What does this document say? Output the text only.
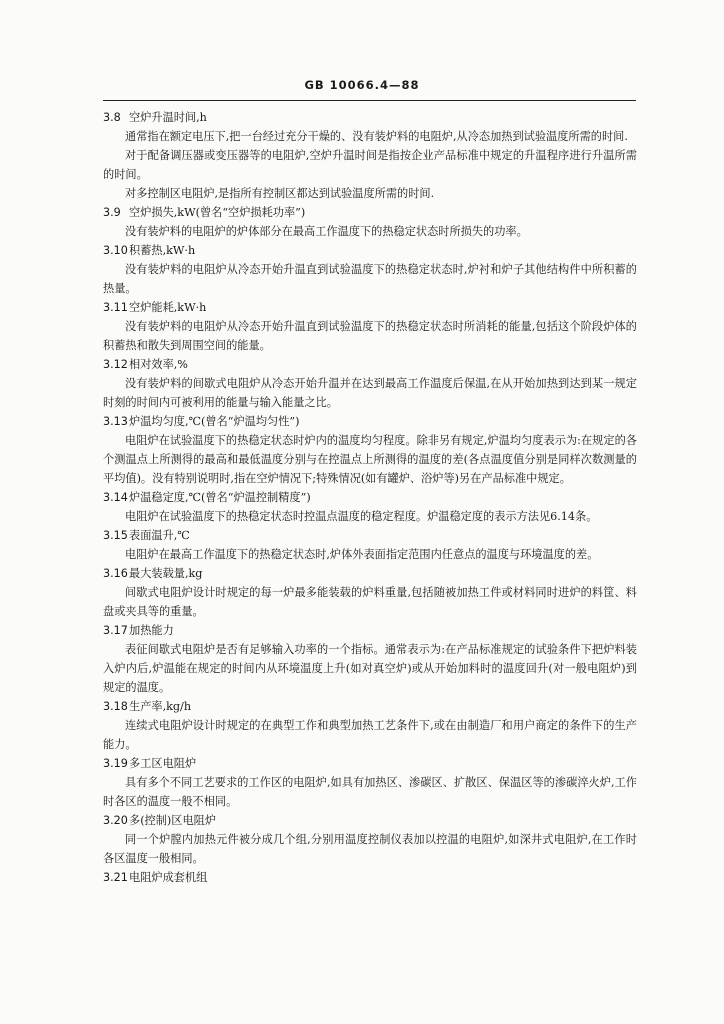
GB 10066.4—88

3.8 空炉升温时间,h

通常指在额定电压下,把一台经过充分干燥的、没有装炉料的电阻炉,从冷态加热到试验温度所需的时间.

对于配备调压器或变压器等的电阻炉,空炉升温时间是指按企业产品标准中规定的升温程序进行升温所需的时间。

对多控制区电阻炉,是指所有控制区都达到试验温度所需的时间.

3.9 空炉损失,kW(曾名“空炉损耗功率”)

没有装炉料的电阻炉的炉体部分在最高工作温度下的热稳定状态时所损失的功率。

3.10积蓄热,kW·h

没有装炉料的电阻炉从冷态开始升温直到试验温度下的热稳定状态时,炉衬和炉子其他结构件中所积蓄的热量。

3.11空炉能耗,kW·h

没有装炉料的电阻炉从冷态开始升温直到试验温度下的热稳定状态时所消耗的能量,包括这个阶段炉体的积蓄热和散失到周围空间的能量。

3.12相对效率,%

没有装炉料的间歇式电阻炉从冷态开始升温并在达到最高工作温度后保温,在从开始加热到达到某一规定时刻的时间内可被利用的能量与输入能量之比。

3.13炉温均匀度,℃(曾名“炉温均匀性”)

电阻炉在试验温度下的热稳定状态时炉内的温度均匀程度。除非另有规定,炉温均匀度表示为:在规定的各个测温点上所测得的最高和最低温度分别与在控温点上所测得的温度的差(各点温度值分别是同样次数测量的平均值)。没有特别说明时,指在空炉情况下;特殊情况(如有罐炉、浴炉等)另在产品标准中规定。

3.14炉温稳定度,℃(曾名“炉温控制精度”)

电阻炉在试验温度下的热稳定状态时控温点温度的稳定程度。炉温稳定度的表示方法见6.14条。

3.15表面温升,℃

电阻炉在最高工作温度下的热稳定状态时,炉体外表面指定范围内任意点的温度与环境温度的差。

3.16最大装载量,kg

间歇式电阻炉设计时规定的每一炉最多能装载的炉料重量,包括随被加热工件或材料同时进炉的料筐、料盘或夹具等的重量。

3.17加热能力

表征间歇式电阻炉是否有足够输入功率的一个指标。通常表示为:在产品标准规定的试验条件下把炉料装入炉内后,炉温能在规定的时间内从环境温度上升(如对真空炉)或从开始加料时的温度回升(对一般电阻炉)到规定的温度。

3.18生产率,kg/h

连续式电阻炉设计时规定的在典型工作和典型加热工艺条件下,或在由制造厂和用户商定的条件下的生产能力。

3.19多工区电阻炉

具有多个不同工艺要求的工作区的电阻炉,如具有加热区、渗碳区、扩散区、保温区等的渗碳淬火炉,工作时各区的温度一般不相同。

3.20多(控制)区电阻炉

同一个炉膛内加热元件被分成几个组,分别用温度控制仪表加以控温的电阻炉,如深井式电阻炉,在工作时各区温度一般相同。

3.21电阻炉成套机组
